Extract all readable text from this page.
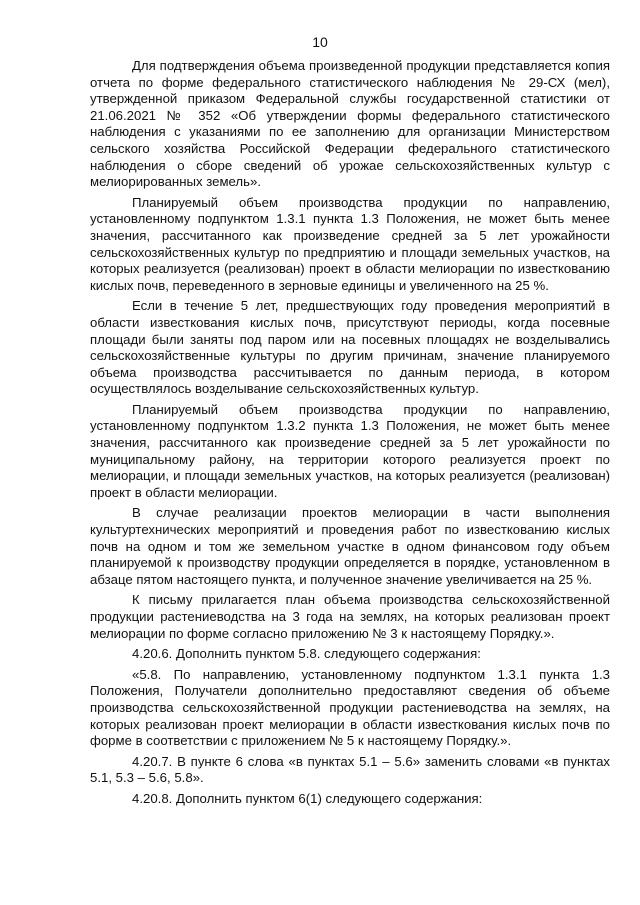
10

Для подтверждения объема произведенной продукции представляется копия отчета по форме федерального статистического наблюдения № 29-СХ (мел), утвержденной приказом Федеральной службы государственной статистики от 21.06.2021 № 352 «Об утверждении формы федерального статистического наблюдения с указаниями по ее заполнению для организации Министерством сельского хозяйства Российской Федерации федерального статистического наблюдения о сборе сведений об урожае сельскохозяйственных культур с мелиорированных земель».

Планируемый объем производства продукции по направлению, установленному подпунктом 1.3.1 пункта 1.3 Положения, не может быть менее значения, рассчитанного как произведение средней за 5 лет урожайности сельскохозяйственных культур по предприятию и площади земельных участков, на которых реализуется (реализован) проект в области мелиорации по известкованию кислых почв, переведенного в зерновые единицы и увеличенного на 25 %.

Если в течение 5 лет, предшествующих году проведения мероприятий в области известкования кислых почв, присутствуют периоды, когда посевные площади были заняты под паром или на посевных площадях не возделывались сельскохозяйственные культуры по другим причинам, значение планируемого объема производства рассчитывается по данным периода, в котором осуществлялось возделывание сельскохозяйственных культур.

Планируемый объем производства продукции по направлению, установленному подпунктом 1.3.2 пункта 1.3 Положения, не может быть менее значения, рассчитанного как произведение средней за 5 лет урожайности по муниципальному району, на территории которого реализуется проект по мелиорации, и площади земельных участков, на которых реализуется (реализован) проект в области мелиорации.

В случае реализации проектов мелиорации в части выполнения культуртехнических мероприятий и проведения работ по известкованию кислых почв на одном и том же земельном участке в одном финансовом году объем планируемой к производству продукции определяется в порядке, установленном в абзаце пятом настоящего пункта, и полученное значение увеличивается на 25 %.

К письму прилагается план объема производства сельскохозяйственной продукции растениеводства на 3 года на землях, на которых реализован проект мелиорации по форме согласно приложению № 3 к настоящему Порядку.».

4.20.6. Дополнить пунктом 5.8. следующего содержания:

«5.8. По направлению, установленному подпунктом 1.3.1 пункта 1.3 Положения, Получатели дополнительно предоставляют сведения об объеме производства сельскохозяйственной продукции растениеводства на землях, на которых реализован проект мелиорации в области известкования кислых почв по форме в соответствии с приложением № 5 к настоящему Порядку.».

4.20.7. В пункте 6 слова «в пунктах 5.1 – 5.6» заменить словами «в пунктах 5.1, 5.3 – 5.6, 5.8».

4.20.8. Дополнить пунктом 6(1) следующего содержания:
